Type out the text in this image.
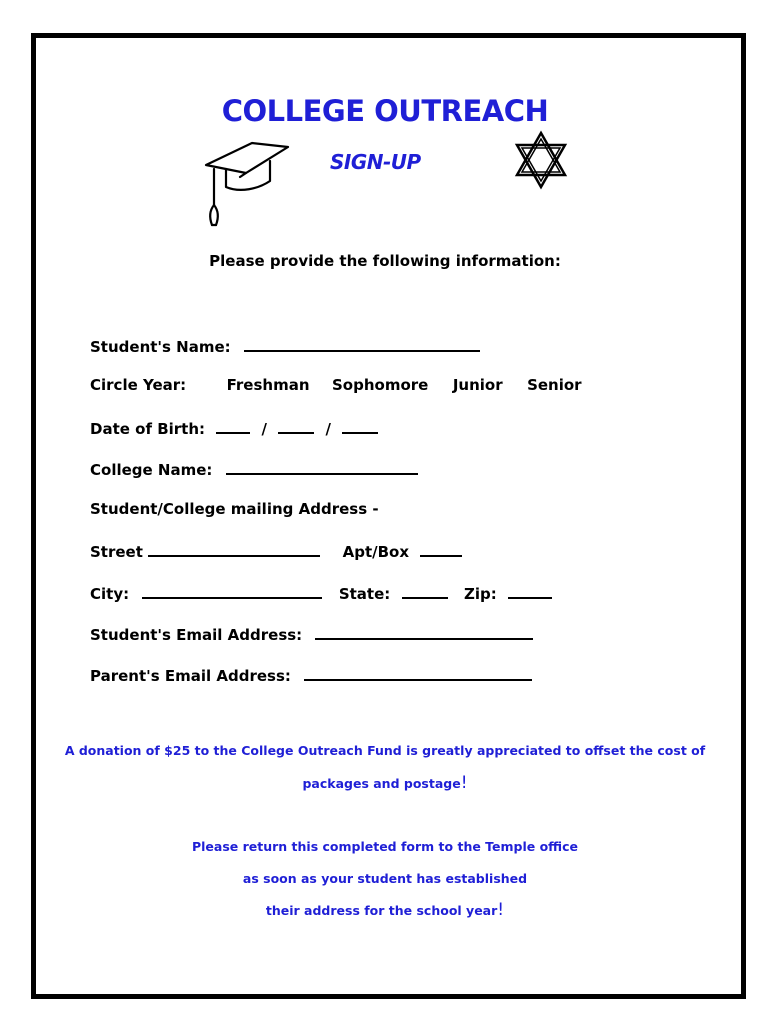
COLLEGE OUTREACH
SIGN-UP
Please provide the following information:
Student's Name:
Circle Year:	Freshman Sophomore Junior Senior
Date of Birth:	/	/
College Name:
Student/College mailing Address -
Street	Apt/Box
City:	State:	Zip:
Student's Email Address:
Parent's Email Address:
A donation of $25 to the College Outreach Fund is greatly appreciated to offset the cost of
packages and postage!
Please return this completed form to the Temple office
as soon as your student has established
their address for the school year!
